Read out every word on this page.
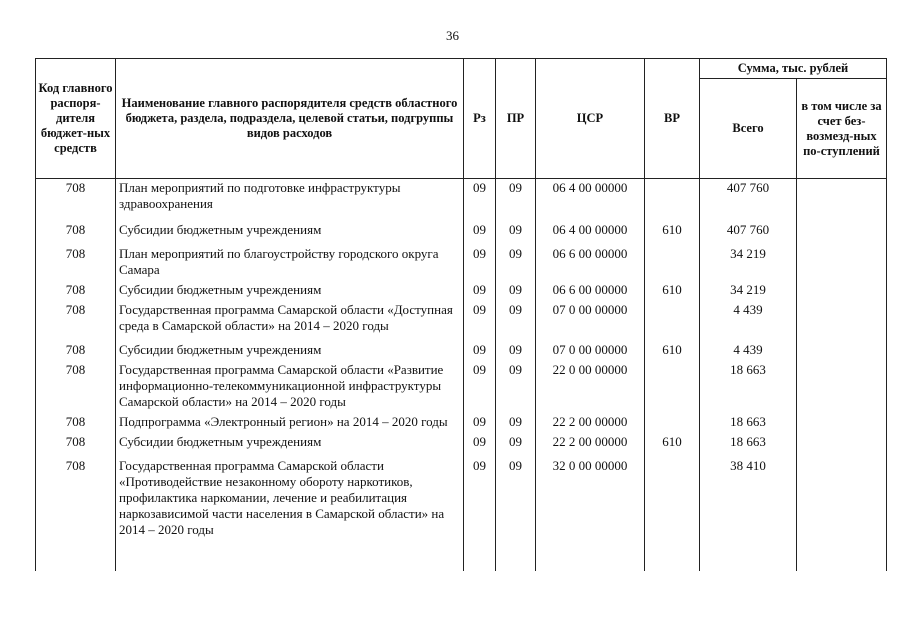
36
Код главного распоря-дителя бюджет-ных средств	Наименование главного распорядителя средств областного бюджета, раздела, подраздела, целевой статьи, подгруппы видов расходов	Рз	ПР	ЦСР	ВР	Сумма, тыс. рублей	
						Всего	в том числе за счет без-возмезд-ных по-ступлений
708	План мероприятий по подготовке инфраструктуры здравоохранения	09	09	06 4 00 00000		407 760	
708	Субсидии бюджетным учреждениям	09	09	06 4 00 00000	610	407 760	
708	План мероприятий по благоустройству городского округа Самара	09	09	06 6 00 00000		34 219	
708	Субсидии бюджетным учреждениям	09	09	06 6 00 00000	610	34 219	
708	Государственная программа Самарской области «Доступная среда в Самарской области» на 2014 – 2020 годы	09	09	07 0 00 00000		4 439	
708	Субсидии бюджетным учреждениям	09	09	07 0 00 00000	610	4 439	
708	Государственная программа Самарской области «Развитие информационно-телекоммуникационной инфраструктуры Самарской области» на 2014 – 2020 годы	09	09	22 0 00 00000		18 663	
708	Подпрограмма «Электронный регион» на 2014 – 2020 годы	09	09	22 2 00 00000		18 663	
708	Субсидии бюджетным учреждениям	09	09	22 2 00 00000	610	18 663	
708	Государственная программа Самарской области «Противодействие незаконному обороту наркотиков, профилактика наркомании, лечение и реабилитация наркозависимой части населения в Самарской области» на 2014 – 2020 годы	09	09	32 0 00 00000		38 410	
